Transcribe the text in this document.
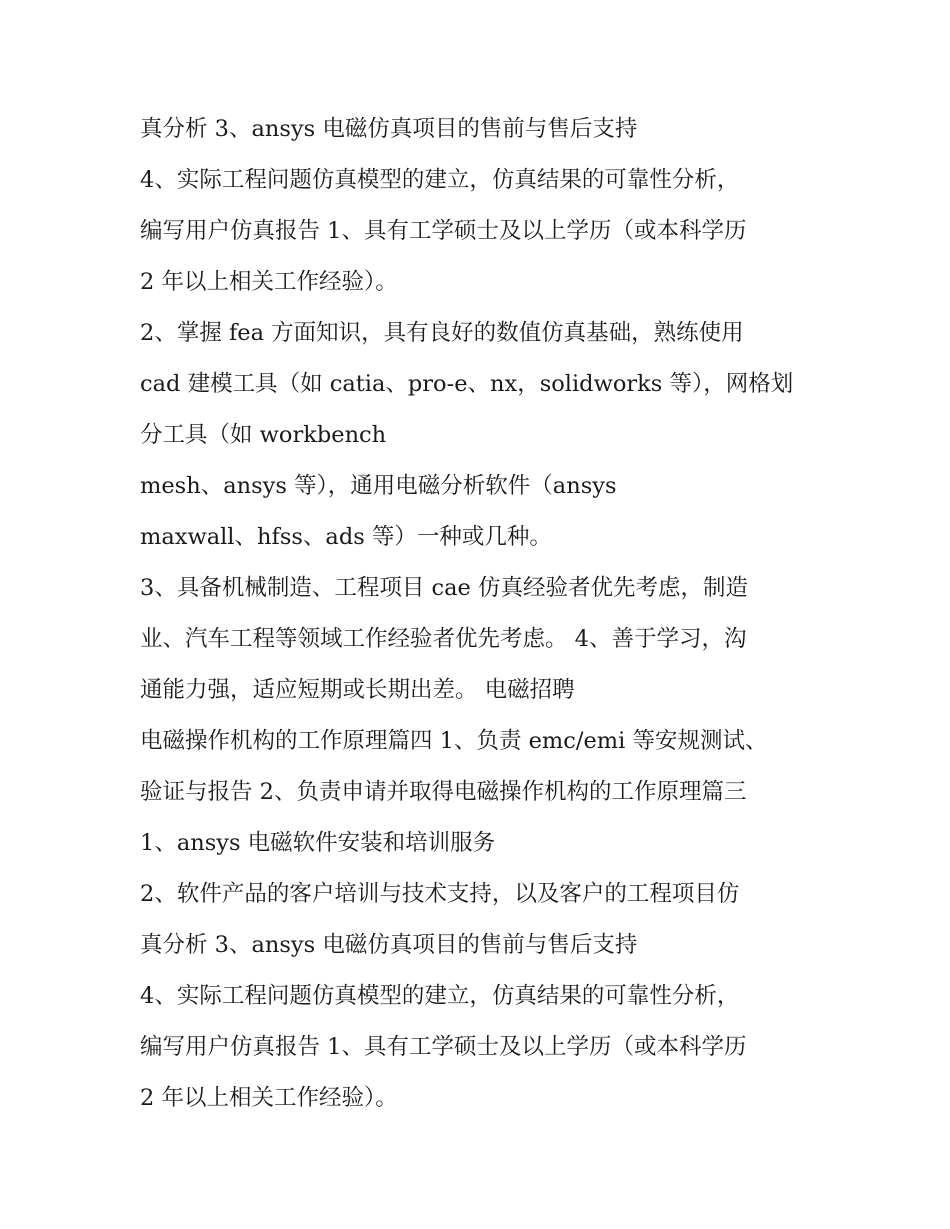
真分析 3、ansys 电磁仿真项目的售前与售后支持
4、实际工程问题仿真模型的建立，仿真结果的可靠性分析，
编写用户仿真报告 1、具有工学硕士及以上学历（或本科学历
2 年以上相关工作经验）。
2、掌握 fea 方面知识，具有良好的数值仿真基础，熟练使用
cad 建模工具（如 catia、pro-e、nx，solidworks 等），网格划
分工具（如 workbench
mesh、ansys 等），通用电磁分析软件（ansys
maxwall、hfss、ads 等）一种或几种。
3、具备机械制造、工程项目 cae 仿真经验者优先考虑，制造
业、汽车工程等领域工作经验者优先考虑。 4、善于学习，沟
通能力强，适应短期或长期出差。 电磁招聘
电磁操作机构的工作原理篇四 1、负责 emc/emi 等安规测试、
验证与报告 2、负责申请并取得电磁操作机构的工作原理篇三
1、ansys 电磁软件安装和培训服务
2、软件产品的客户培训与技术支持，以及客户的工程项目仿
真分析 3、ansys 电磁仿真项目的售前与售后支持
4、实际工程问题仿真模型的建立，仿真结果的可靠性分析，
编写用户仿真报告 1、具有工学硕士及以上学历（或本科学历
2 年以上相关工作经验）。
